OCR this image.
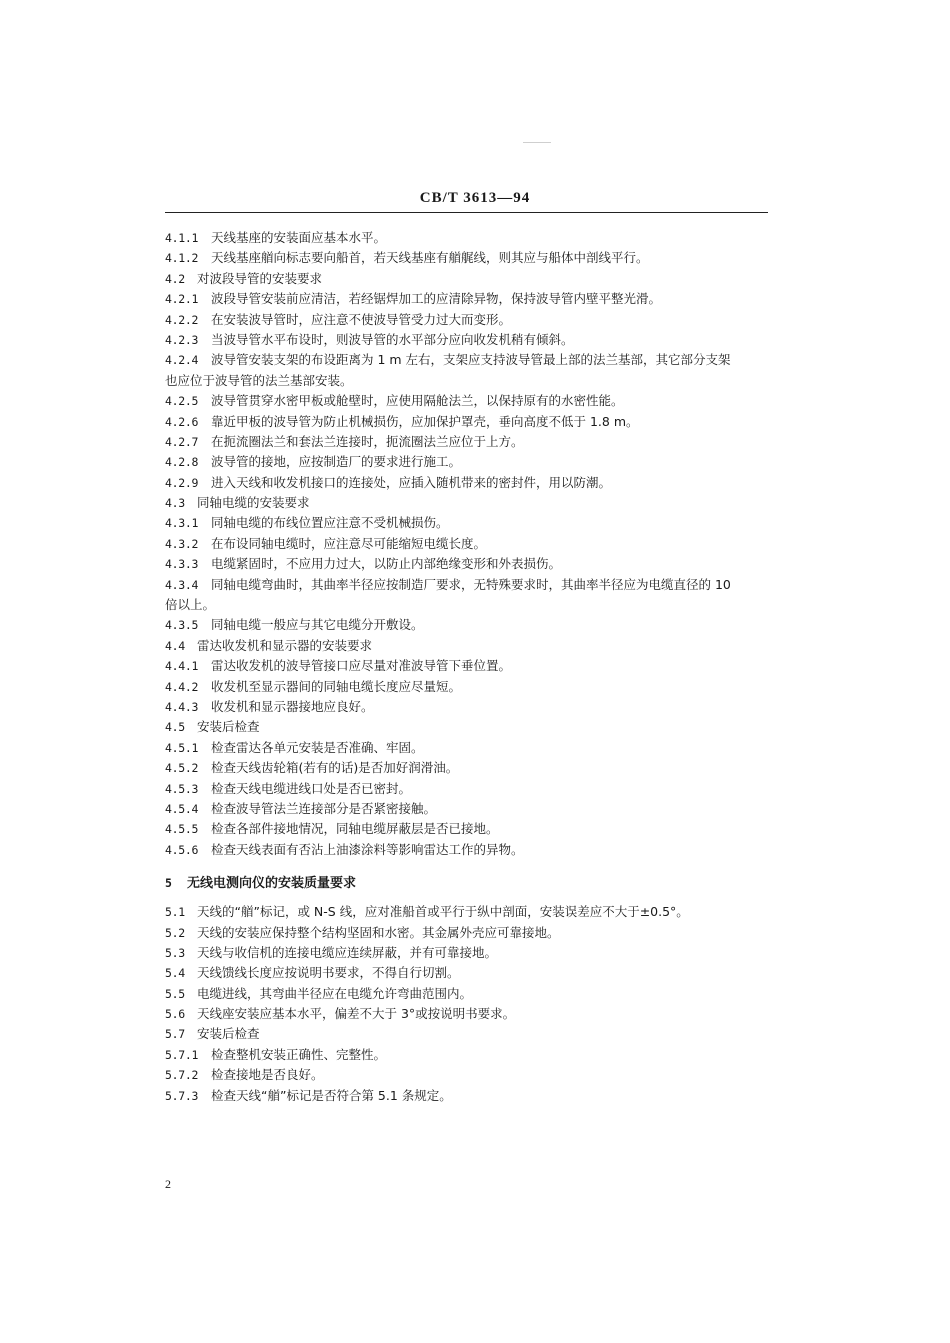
CB/T 3613—94
4.1.1 天线基座的安装面应基本水平。
4.1.2 天线基座艏向标志要向船首，若天线基座有艏艉线，则其应与船体中剖线平行。
4.2 对波段导管的安装要求
4.2.1 波段导管安装前应清洁，若经锯焊加工的应清除异物，保持波导管内壁平整光滑。
4.2.2 在安装波导管时，应注意不使波导管受力过大而变形。
4.2.3 当波导管水平布设时，则波导管的水平部分应向收发机稍有倾斜。
4.2.4 波导管安装支架的布设距离为 1 m 左右，支架应支持波导管最上部的法兰基部，其它部分支架
也应位于波导管的法兰基部安装。
4.2.5 波导管贯穿水密甲板或舱壁时，应使用隔舱法兰，以保持原有的水密性能。
4.2.6 靠近甲板的波导管为防止机械损伤，应加保护罩壳，垂向高度不低于 1.8 m。
4.2.7 在扼流圈法兰和套法兰连接时，扼流圈法兰应位于上方。
4.2.8 波导管的接地，应按制造厂的要求进行施工。
4.2.9 进入天线和收发机接口的连接处，应插入随机带来的密封件，用以防潮。
4.3 同轴电缆的安装要求
4.3.1 同轴电缆的布线位置应注意不受机械损伤。
4.3.2 在布设同轴电缆时，应注意尽可能缩短电缆长度。
4.3.3 电缆紧固时，不应用力过大，以防止内部绝缘变形和外表损伤。
4.3.4 同轴电缆弯曲时，其曲率半径应按制造厂要求，无特殊要求时，其曲率半径应为电缆直径的 10
倍以上。
4.3.5 同轴电缆一般应与其它电缆分开敷设。
4.4 雷达收发机和显示器的安装要求
4.4.1 雷达收发机的波导管接口应尽量对准波导管下垂位置。
4.4.2 收发机至显示器间的同轴电缆长度应尽量短。
4.4.3 收发机和显示器接地应良好。
4.5 安装后检查
4.5.1 检查雷达各单元安装是否准确、牢固。
4.5.2 检查天线齿轮箱(若有的话)是否加好润滑油。
4.5.3 检查天线电缆进线口处是否已密封。
4.5.4 检查波导管法兰连接部分是否紧密接触。
4.5.5 检查各部件接地情况，同轴电缆屏蔽层是否已接地。
4.5.6 检查天线表面有否沾上油漆涂料等影响雷达工作的异物。
5 无线电测向仪的安装质量要求
5.1 天线的“艏”标记，或 N-S 线，应对准船首或平行于纵中剖面，安装误差应不大于±0.5°。
5.2 天线的安装应保持整个结构坚固和水密。其金属外壳应可靠接地。
5.3 天线与收信机的连接电缆应连续屏蔽，并有可靠接地。
5.4 天线馈线长度应按说明书要求，不得自行切割。
5.5 电缆进线，其弯曲半径应在电缆允许弯曲范围内。
5.6 天线座安装应基本水平，偏差不大于 3°或按说明书要求。
5.7 安装后检查
5.7.1 检查整机安装正确性、完整性。
5.7.2 检查接地是否良好。
5.7.3 检查天线“艏”标记是否符合第 5.1 条规定。
2
